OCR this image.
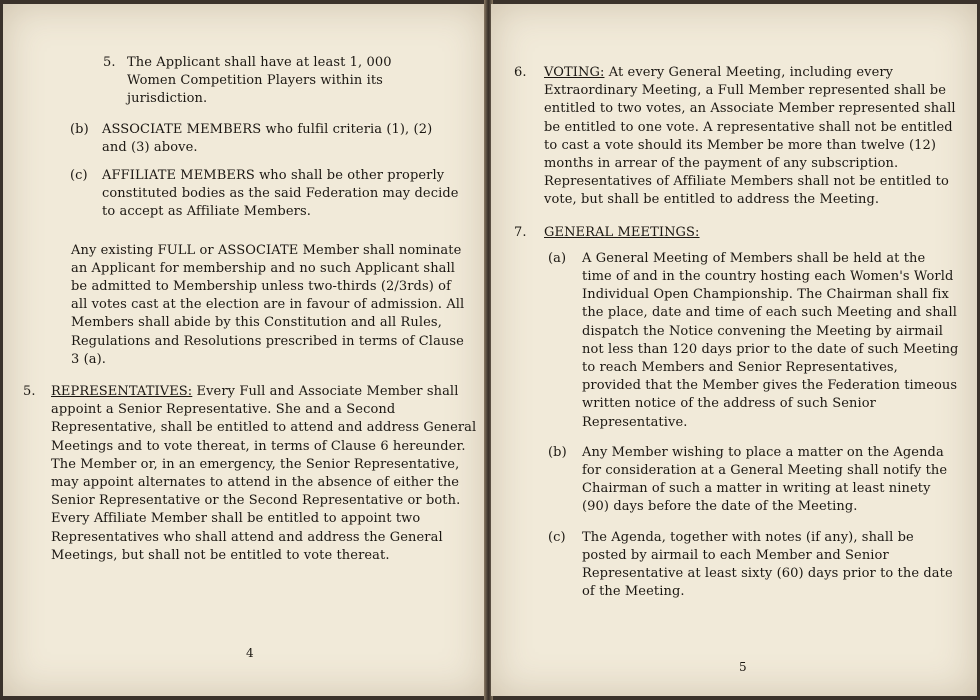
5. The Applicant shall have at least 1, 000 Women Competition Players within its jurisdiction.
(b)	ASSOCIATE MEMBERS who fulfil criteria (1), (2) and (3) above.
(c)	AFFILIATE MEMBERS who shall be other properly constituted bodies as the said Federation may decide to accept as Affiliate Members.
Any existing FULL or ASSOCIATE Member shall nominate an Applicant for membership and no such Applicant shall be admitted to Membership unless two-thirds (2/3rds) of all votes cast at the election are in favour of admission. All Members shall abide by this Constitution and all Rules, Regulations and Resolutions prescribed in terms of Clause 3 (a).
5.	REPRESENTATIVES: Every Full and Associate Member shall appoint a Senior Representative. She and a Second Representative, shall be entitled to attend and address General Meetings and to vote thereat, in terms of Clause 6 hereunder. The Member or, in an emergency, the Senior Representative, may appoint alternates to attend in the absence of either the Senior Representative or the Second Representative or both. Every Affiliate Member shall be entitled to appoint two Representatives who shall attend and address the General Meetings, but shall not be entitled to vote thereat.
4
6.	VOTING: At every General Meeting, including every Extraordinary Meeting, a Full Member represented shall be entitled to two votes, an Associate Member represented shall be entitled to one vote. A representative shall not be entitled to cast a vote should its Member be more than twelve (12) months in arrear of the payment of any subscription. Representatives of Affiliate Members shall not be entitled to vote, but shall be entitled to address the Meeting.
7.	GENERAL MEETINGS:
(a)	A General Meeting of Members shall be held at the time of and in the country hosting each Women's World Individual Open Championship. The Chairman shall fix the place, date and time of each such Meeting and shall dispatch the Notice convening the Meeting by airmail not less than 120 days prior to the date of such Meeting to reach Members and Senior Representatives, provided that the Member gives the Federation timeous written notice of the address of such Senior Representative.
(b)	Any Member wishing to place a matter on the Agenda for consideration at a General Meeting shall notify the Chairman of such a matter in writing at least ninety (90) days before the date of the Meeting.
(c)	The Agenda, together with notes (if any), shall be posted by airmail to each Member and Senior Representative at least sixty (60) days prior to the date of the Meeting.
5
